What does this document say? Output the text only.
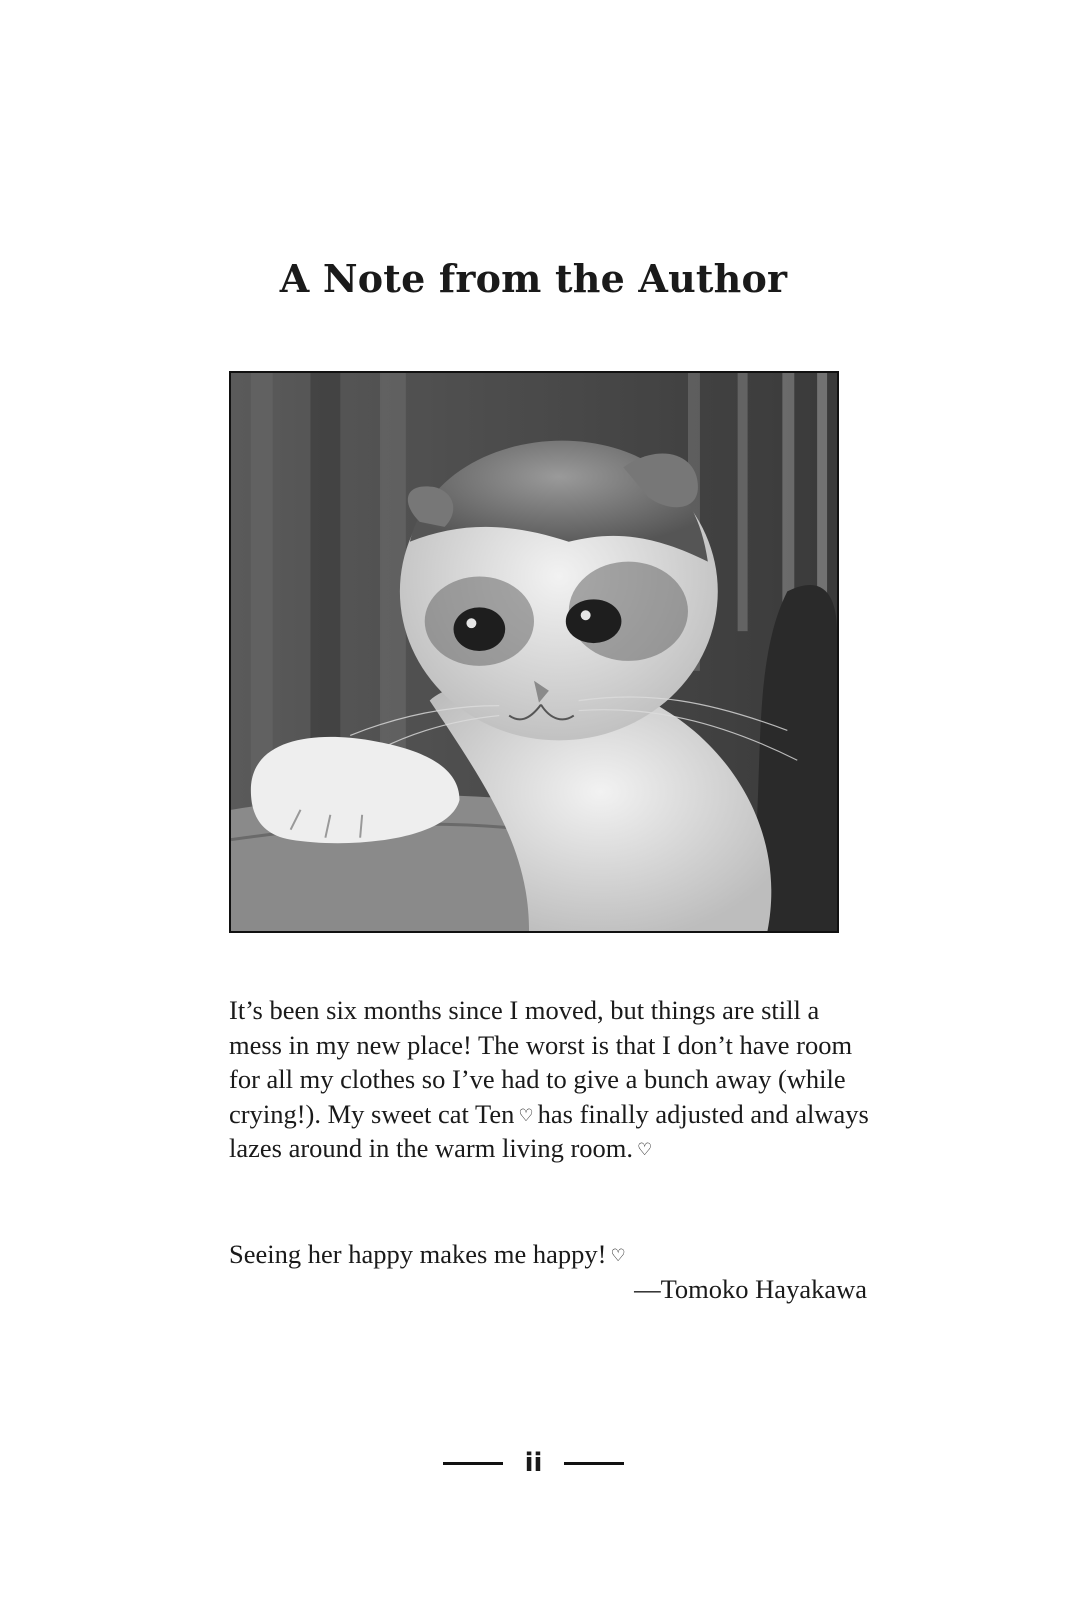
A Note from the Author

It’s been six months since I moved, but things are still a mess in my new place! The worst is that I don’t have room for all my clothes so I’ve had to give a bunch away (while crying!). My sweet cat Ten ♡ has finally adjusted and always lazes around in the warm living room. ♡

Seeing her happy makes me happy! ♡

—Tomoko Hayakawa

ii
